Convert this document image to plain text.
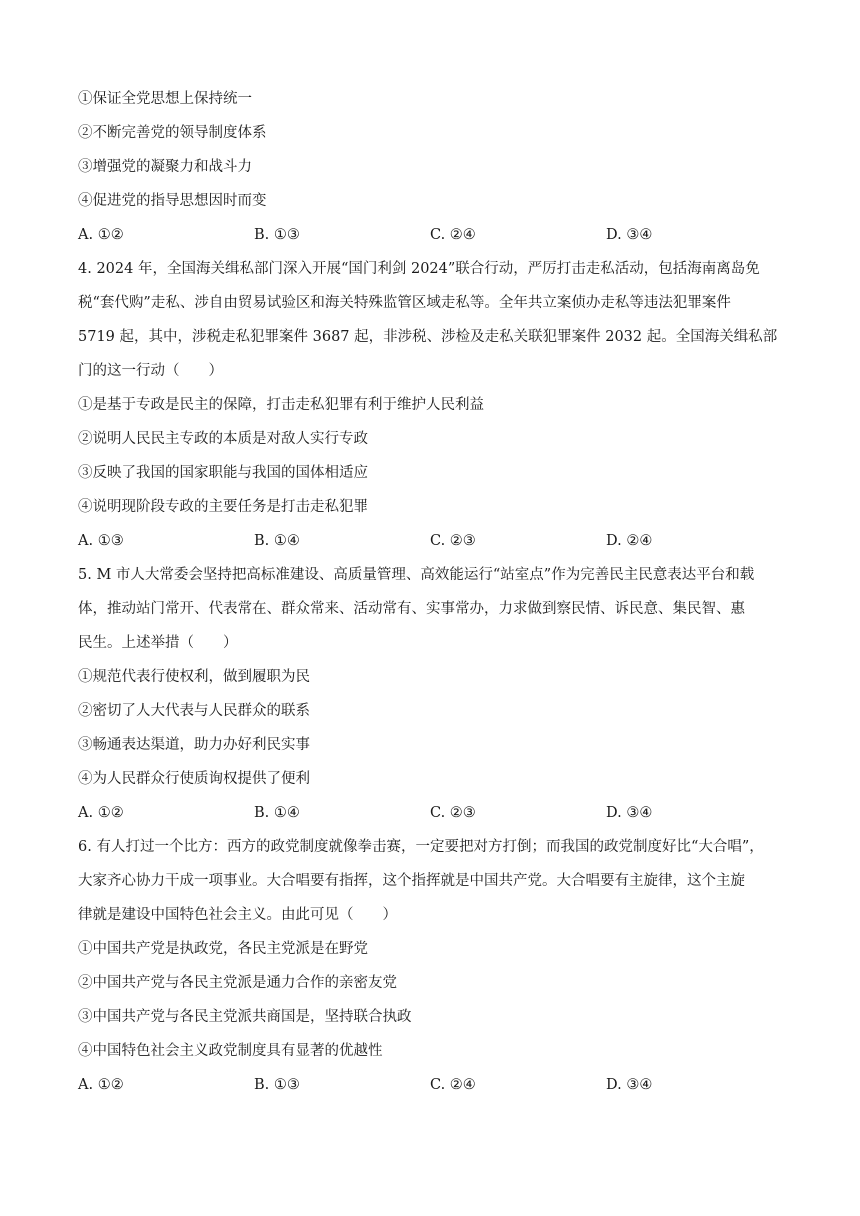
①保证全党思想上保持统一
②不断完善党的领导制度体系
③增强党的凝聚力和战斗力
④促进党的指导思想因时而变
A. ①②	B. ①③	C. ②④	D. ③④
4. 2024 年，全国海关缉私部门深入开展“国门利剑 2024”联合行动，严厉打击走私活动，包括海南离岛免
税“套代购”走私、涉自由贸易试验区和海关特殊监管区域走私等。全年共立案侦办走私等违法犯罪案件
5719 起，其中，涉税走私犯罪案件 3687 起，非涉税、涉检及走私关联犯罪案件 2032 起。全国海关缉私部
门的这一行动（　　）
①是基于专政是民主的保障，打击走私犯罪有利于维护人民利益
②说明人民民主专政的本质是对敌人实行专政
③反映了我国的国家职能与我国的国体相适应
④说明现阶段专政的主要任务是打击走私犯罪
A. ①③	B. ①④	C. ②③	D. ②④
5. M 市人大常委会坚持把高标准建设、高质量管理、高效能运行“站室点”作为完善民主民意表达平台和载
体，推动站门常开、代表常在、群众常来、活动常有、实事常办，力求做到察民情、诉民意、集民智、惠
民生。上述举措（　　）
①规范代表行使权利，做到履职为民
②密切了人大代表与人民群众的联系
③畅通表达渠道，助力办好利民实事
④为人民群众行使质询权提供了便利
A. ①②	B. ①④	C. ②③	D. ③④
6. 有人打过一个比方：西方的政党制度就像拳击赛，一定要把对方打倒；而我国的政党制度好比“大合唱”，
大家齐心协力干成一项事业。大合唱要有指挥，这个指挥就是中国共产党。大合唱要有主旋律，这个主旋
律就是建设中国特色社会主义。由此可见（　　）
①中国共产党是执政党，各民主党派是在野党
②中国共产党与各民主党派是通力合作的亲密友党
③中国共产党与各民主党派共商国是，坚持联合执政
④中国特色社会主义政党制度具有显著的优越性
A. ①②	B. ①③	C. ②④	D. ③④
